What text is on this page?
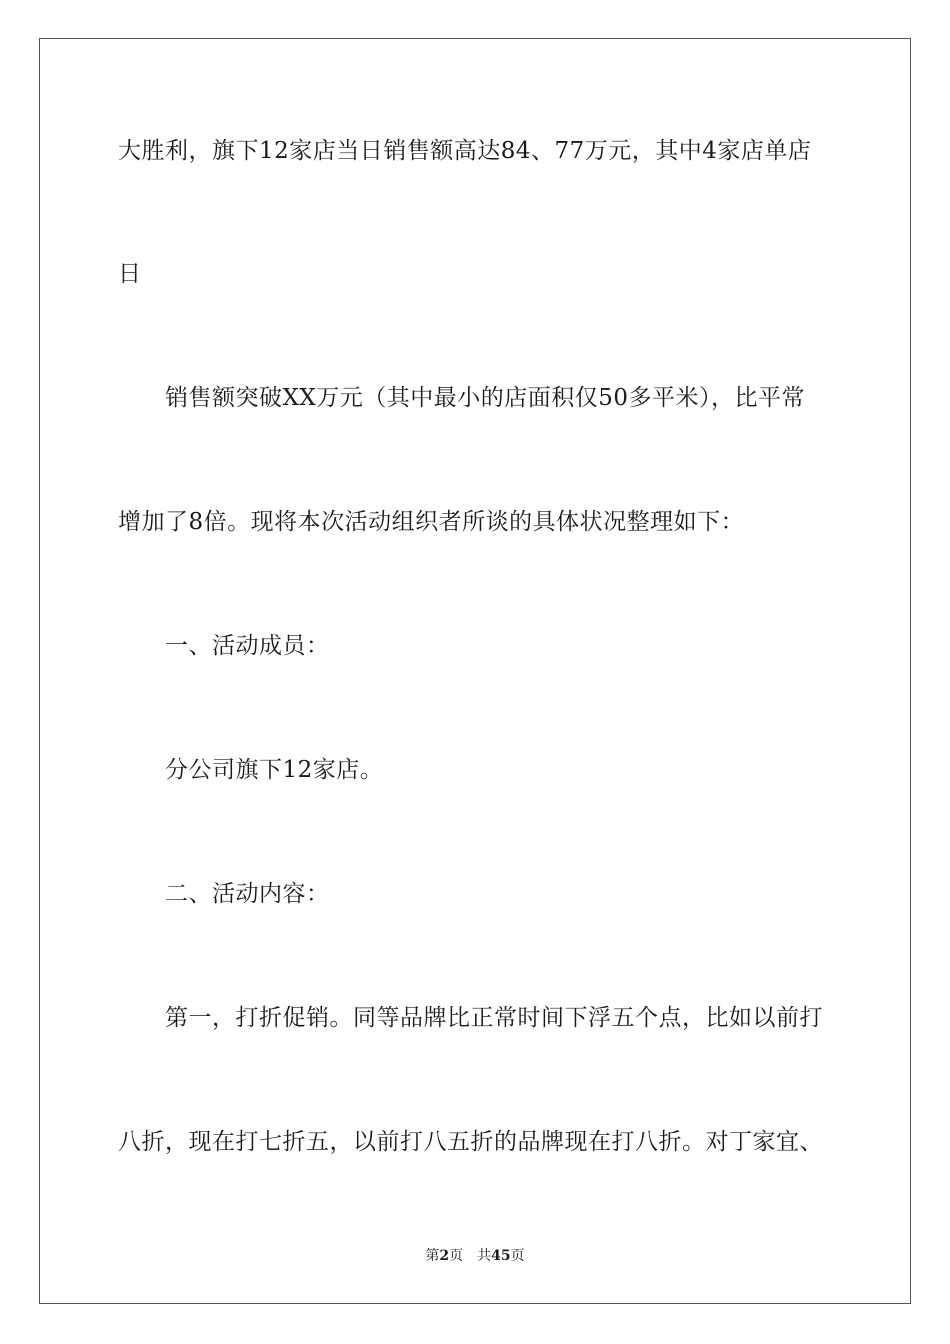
大胜利，旗下12家店当日销售额高达84、77万元，其中4家店单店
日
销售额突破XX万元（其中最小的店面积仅50多平米），比平常
增加了8倍。现将本次活动组织者所谈的具体状况整理如下：
一、活动成员：
分公司旗下12家店。
二、活动内容：
第一，打折促销。同等品牌比正常时间下浮五个点，比如以前打
八折，现在打七折五，以前打八五折的品牌现在打八折。对丁家宜、
第2页 共45页
